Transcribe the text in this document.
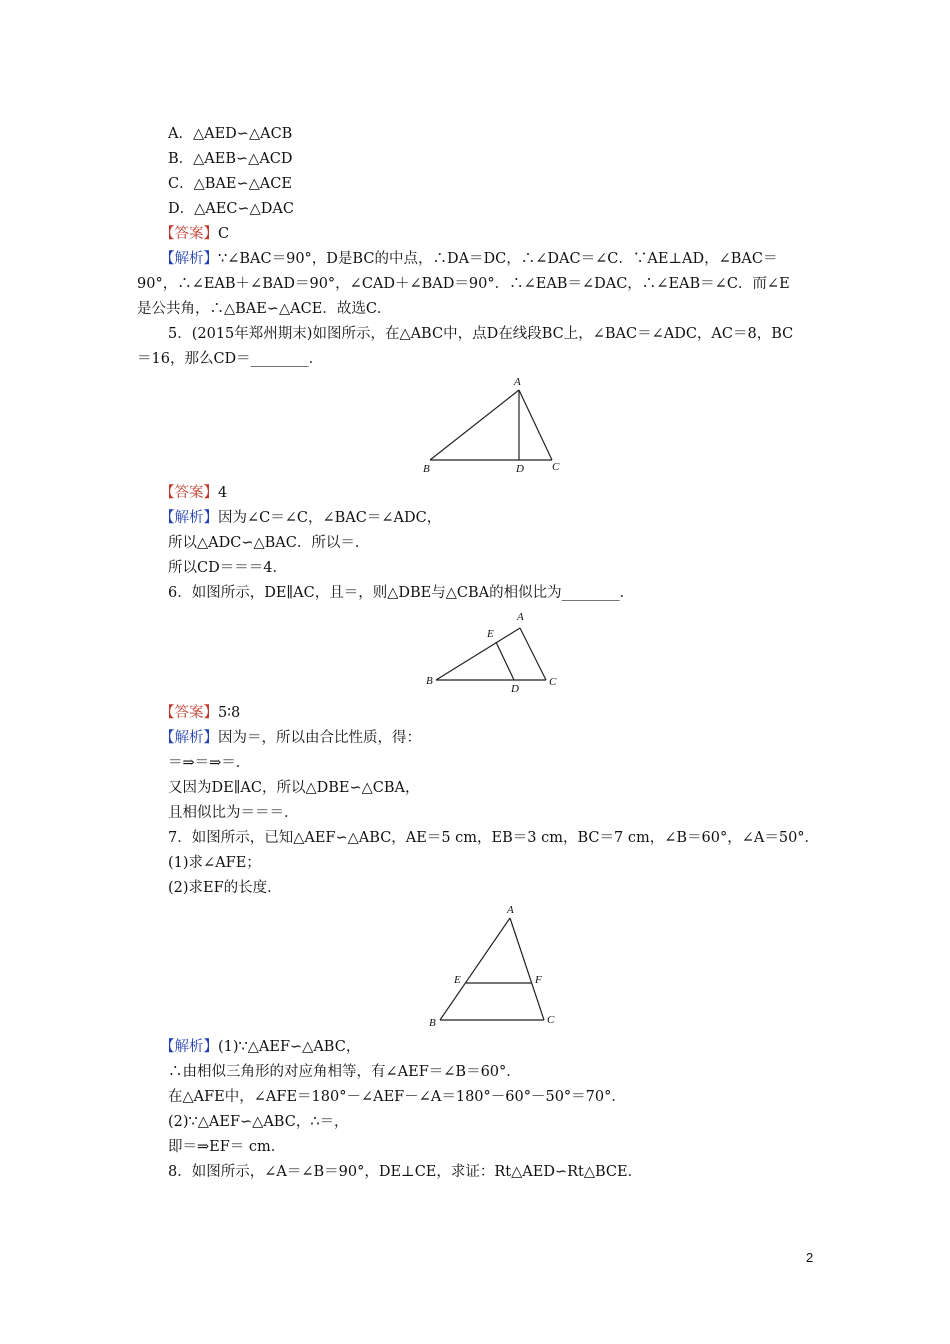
A．△AED∽△ACB
B．△AEB∽△ACD
C．△BAE∽△ACE
D．△AEC∽△DAC
【答案】C
【解析】∵∠BAC＝90°，D是BC的中点，∴DA＝DC，∴∠DAC＝∠C．∵AE⊥AD，∠BAC＝
90°，∴∠EAB＋∠BAD＝90°，∠CAD＋∠BAD＝90°．∴∠EAB＝∠DAC，∴∠EAB＝∠C．而∠E
是公共角，∴△BAE∽△ACE．故选C．
5．(2015年郑州期末)如图所示，在△ABC中，点D在线段BC上，∠BAC＝∠ADC，AC＝8，BC
＝16，那么CD＝________．
A
B	D	C
【答案】4
【解析】因为∠C＝∠C，∠BAC＝∠ADC，
所以△ADC∽△BAC．所以＝．
所以CD＝＝＝4．
6．如图所示，DE∥AC，且＝，则△DBE与△CBA的相似比为________．
A
E
B
D
C
【答案】5∶8
【解析】因为＝，所以由合比性质，得：
＝⇒＝⇒＝．
又因为DE∥AC，所以△DBE∽△CBA，
且相似比为＝＝＝．
7．如图所示，已知△AEF∽△ABC，AE＝5 cm，EB＝3 cm，BC＝7 cm，∠B＝60°，∠A＝50°．
(1)求∠AFE；
(2)求EF的长度．
A
E	F
B	C
【解析】(1)∵△AEF∽△ABC，
∴由相似三角形的对应角相等，有∠AEF＝∠B＝60°．
在△AFE中，∠AFE＝180°－∠AEF－∠A＝180°－60°－50°＝70°．
(2)∵△AEF∽△ABC，∴＝，
即＝⇒EF＝ cm．
8．如图所示，∠A＝∠B＝90°，DE⊥CE，求证：Rt△AED∽Rt△BCE．
2
